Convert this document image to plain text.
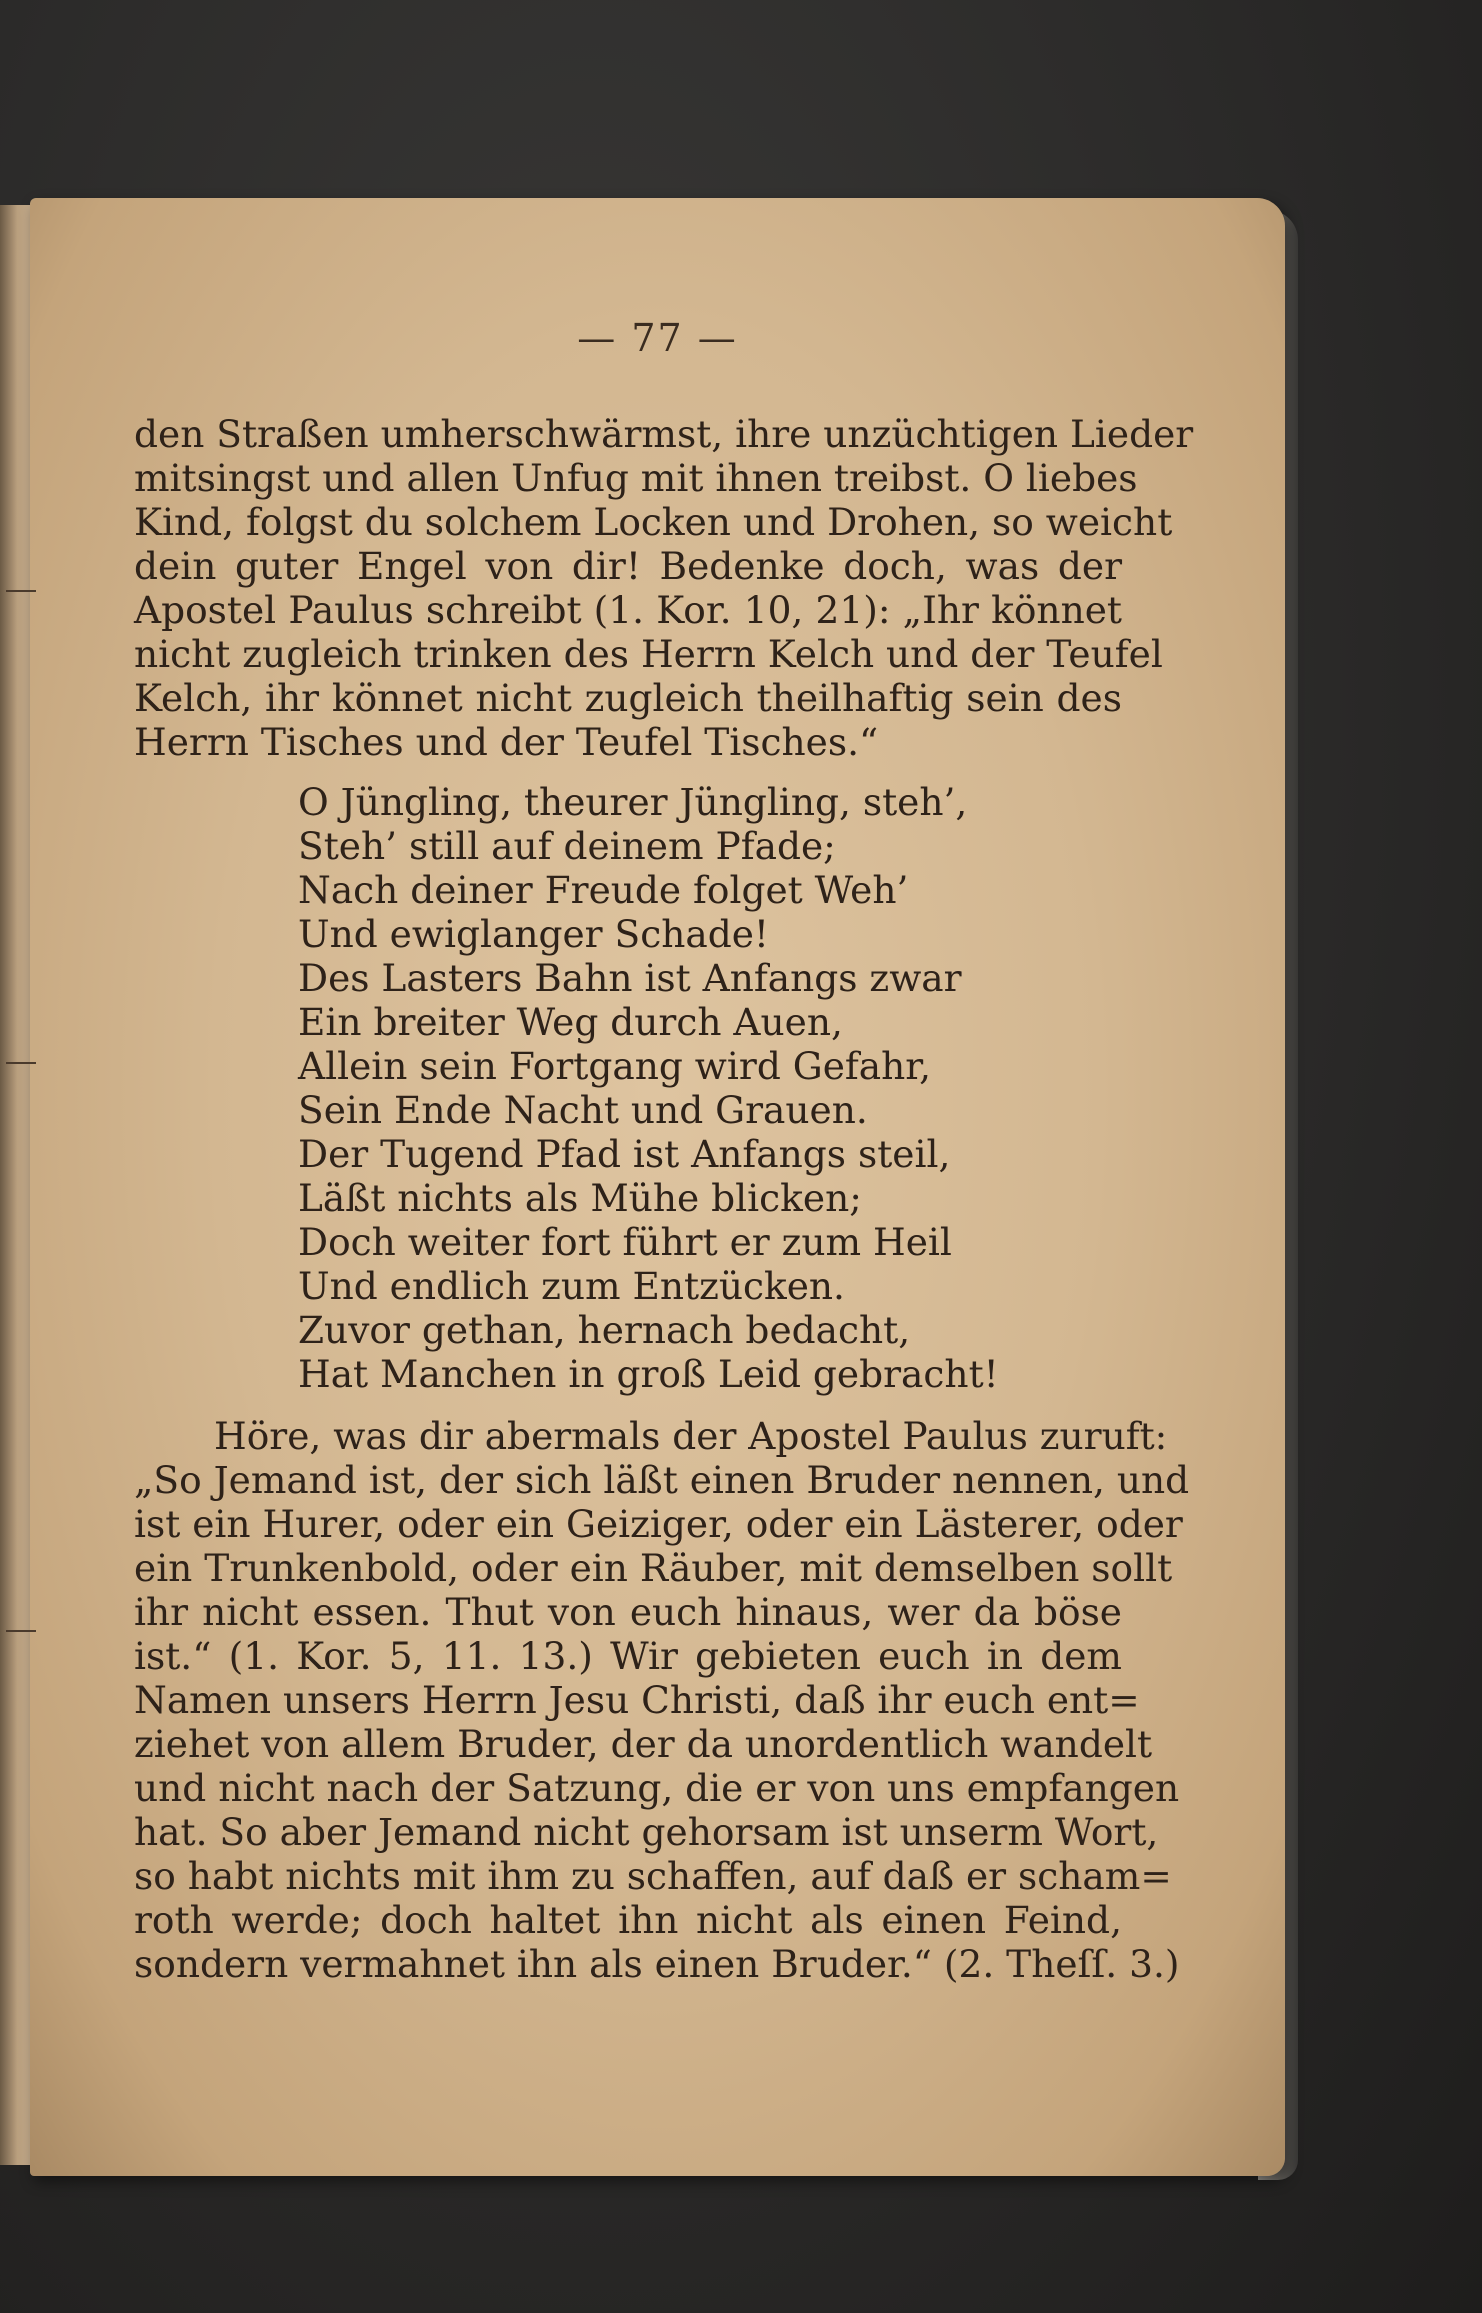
— 77 —
den Straßen umherschwärmst, ihre unzüchtigen Lieder
mitsingst und allen Unfug mit ihnen treibst. O liebes
Kind, folgst du solchem Locken und Drohen, so weicht
dein guter Engel von dir! Bedenke doch, was der
Apostel Paulus schreibt (1. Kor. 10, 21): „Ihr könnet
nicht zugleich trinken des Herrn Kelch und der Teufel
Kelch, ihr könnet nicht zugleich theilhaftig sein des
Herrn Tisches und der Teufel Tisches.“
O Jüngling, theurer Jüngling, steh’,
Steh’ still auf deinem Pfade;
Nach deiner Freude folget Weh’
Und ewiglanger Schade!
Des Lasters Bahn ist Anfangs zwar
Ein breiter Weg durch Auen,
Allein sein Fortgang wird Gefahr,
Sein Ende Nacht und Grauen.
Der Tugend Pfad ist Anfangs steil,
Läßt nichts als Mühe blicken;
Doch weiter fort führt er zum Heil
Und endlich zum Entzücken.
Zuvor gethan, hernach bedacht,
Hat Manchen in groß Leid gebracht!
Höre, was dir abermals der Apostel Paulus zuruft:
„So Jemand ist, der sich läßt einen Bruder nennen, und
ist ein Hurer, oder ein Geiziger, oder ein Lästerer, oder
ein Trunkenbold, oder ein Räuber, mit demselben sollt
ihr nicht essen. Thut von euch hinaus, wer da böse
ist.“ (1. Kor. 5, 11. 13.) Wir gebieten euch in dem
Namen unsers Herrn Jesu Christi, daß ihr euch ent=
ziehet von allem Bruder, der da unordentlich wandelt
und nicht nach der Satzung, die er von uns empfangen
hat. So aber Jemand nicht gehorsam ist unserm Wort,
so habt nichts mit ihm zu schaffen, auf daß er scham=
roth werde; doch haltet ihn nicht als einen Feind,
sondern vermahnet ihn als einen Bruder.“ (2. Theſſ. 3.)
